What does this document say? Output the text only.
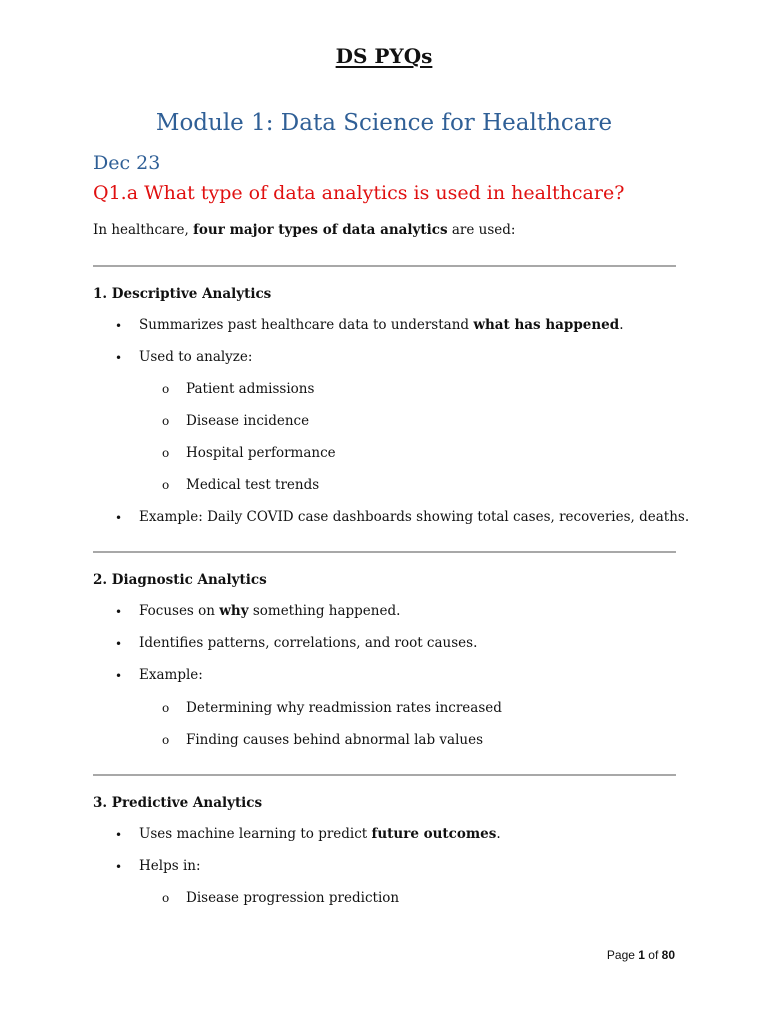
DS PYQs
Module 1: Data Science for Healthcare
Dec 23
Q1.a What type of data analytics is used in healthcare?
In healthcare, four major types of data analytics are used:
1. Descriptive Analytics
• Summarizes past healthcare data to understand what has happened.
• Used to analyze:
o Patient admissions
o Disease incidence
o Hospital performance
o Medical test trends
• Example: Daily COVID case dashboards showing total cases, recoveries, deaths.
2. Diagnostic Analytics
• Focuses on why something happened.
• Identifies patterns, correlations, and root causes.
• Example:
o Determining why readmission rates increased
o Finding causes behind abnormal lab values
3. Predictive Analytics
• Uses machine learning to predict future outcomes.
• Helps in:
o Disease progression prediction
Page 1 of 80
